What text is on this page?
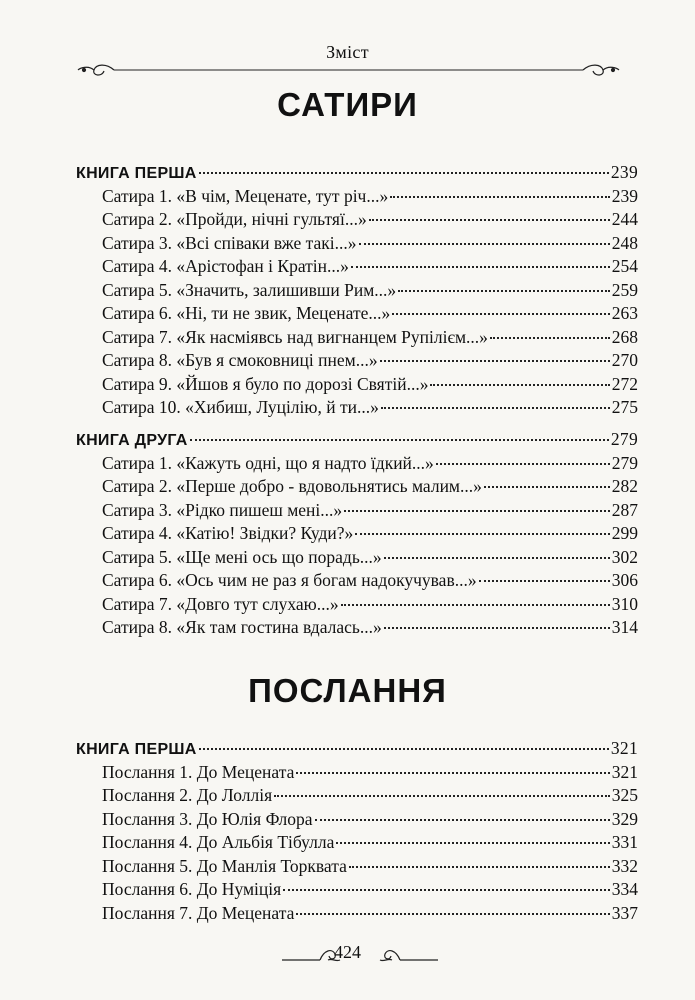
Зміст
САТИРИ
КНИГА ПЕРША	239
Сатира 1. «В чім, Меценате, тут річ...»	239
Сатира 2. «Пройди, нічні гультяї...»	244
Сатира 3. «Всі співаки вже такі...»	248
Сатира 4. «Арістофан і Кратін...»	254
Сатира 5. «Значить, залишивши Рим...»	259
Сатира 6. «Ні, ти не звик, Меценате...»	263
Сатира 7. «Як насміявсь над вигнанцем Рупілієм...»	268
Сатира 8. «Був я смоковниці пнем...»	270
Сатира 9. «Йшов я було по дорозі Святій...»	272
Сатира 10. «Хибиш, Луцілію, й ти...»	275
КНИГА ДРУГА	279
Сатира 1. «Кажуть одні, що я надто їдкий...»	279
Сатира 2. «Перше добро - вдовольнятись малим...»	282
Сатира 3. «Рідко пишеш мені...»	287
Сатира 4. «Катію! Звідки? Куди?»	299
Сатира 5. «Ще мені ось що порадь...»	302
Сатира 6. «Ось чим не раз я богам надокучував...»	306
Сатира 7. «Довго тут слухаю...»	310
Сатира 8. «Як там гостина вдалась...»	314
ПОСЛАННЯ
КНИГА ПЕРША	321
Послання 1. До Мецената	321
Послання 2. До Лоллія	325
Послання 3. До Юлія Флора	329
Послання 4. До Альбія Тібулла	331
Послання 5. До Манлія Торквата	332
Послання 6. До Нуміція	334
Послання 7. До Мецената	337
424
